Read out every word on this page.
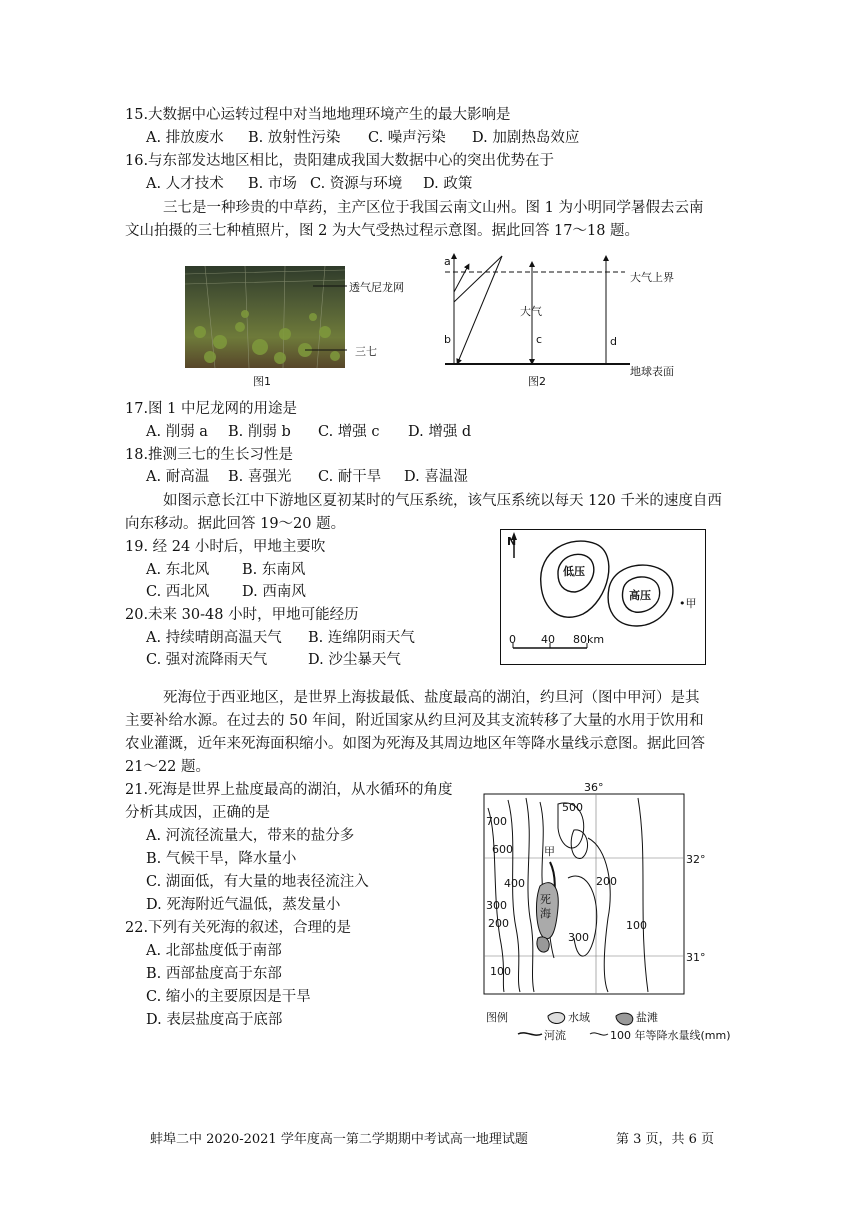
15.大数据中心运转过程中对当地地理环境产生的最大影响是
A. 排放废水 B. 放射性污染 C. 噪声污染 D. 加剧热岛效应
16.与东部发达地区相比，贵阳建成我国大数据中心的突出优势在于
A. 人才技术 B. 市场 C. 资源与环境 D. 政策
三七是一种珍贵的中草药，主产区位于我国云南文山州。图 1 为小明同学暑假去云南
文山拍摄的三七种植照片，图 2 为大气受热过程示意图。据此回答 17～18 题。
透气尼龙网
三七
图1
a
b	c	d
大气
大气上界
地球表面
图2
17.图 1 中尼龙网的用途是
A. 削弱 a B. 削弱 b C. 增强 c D. 增强 d
18.推测三七的生长习性是
A. 耐高温 B. 喜强光 C. 耐干旱 D. 喜温湿
如图示意长江中下游地区夏初某时的气压系统，该气压系统以每天 120 千米的速度自西
向东移动。据此回答 19～20 题。
19. 经 24 小时后，甲地主要吹
A. 东北风 B. 东南风
C. 西北风 D. 西南风
20.未来 30-48 小时，甲地可能经历
A. 持续晴朗高温天气 B. 连绵阴雨天气
C. 强对流降雨天气	D. 沙尘暴天气
N
低压
高压
•甲
0 40 80km
死海位于西亚地区，是世界上海拔最低、盐度最高的湖泊，约旦河（图中甲河）是其
主要补给水源。在过去的 50 年间，附近国家从约旦河及其支流转移了大量的水用于饮用和
农业灌溉，近年来死海面积缩小。如图为死海及其周边地区年等降水量线示意图。据此回答
21～22 题。
21.死海是世界上盐度最高的湖泊，从水循环的角度
分析其成因，正确的是
A. 河流径流量大，带来的盐分多
B. 气候干旱，降水量小
C. 湖面低，有大量的地表径流注入
D. 死海附近气温低，蒸发量小
22.下列有关死海的叙述，合理的是
A. 北部盐度低于南部
B. 西部盐度高于东部
C. 缩小的主要原因是干旱
D. 表层盐度高于底部
36°
32°
31°
700
600
500
400
300
200
300
200
100
100
甲
死
海
图例	水域	盐滩
河流	100 年等降水量线(mm)
蚌埠二中 2020-2021 学年度高一第二学期期中考试高一地理试题	第 3 页，共 6 页
